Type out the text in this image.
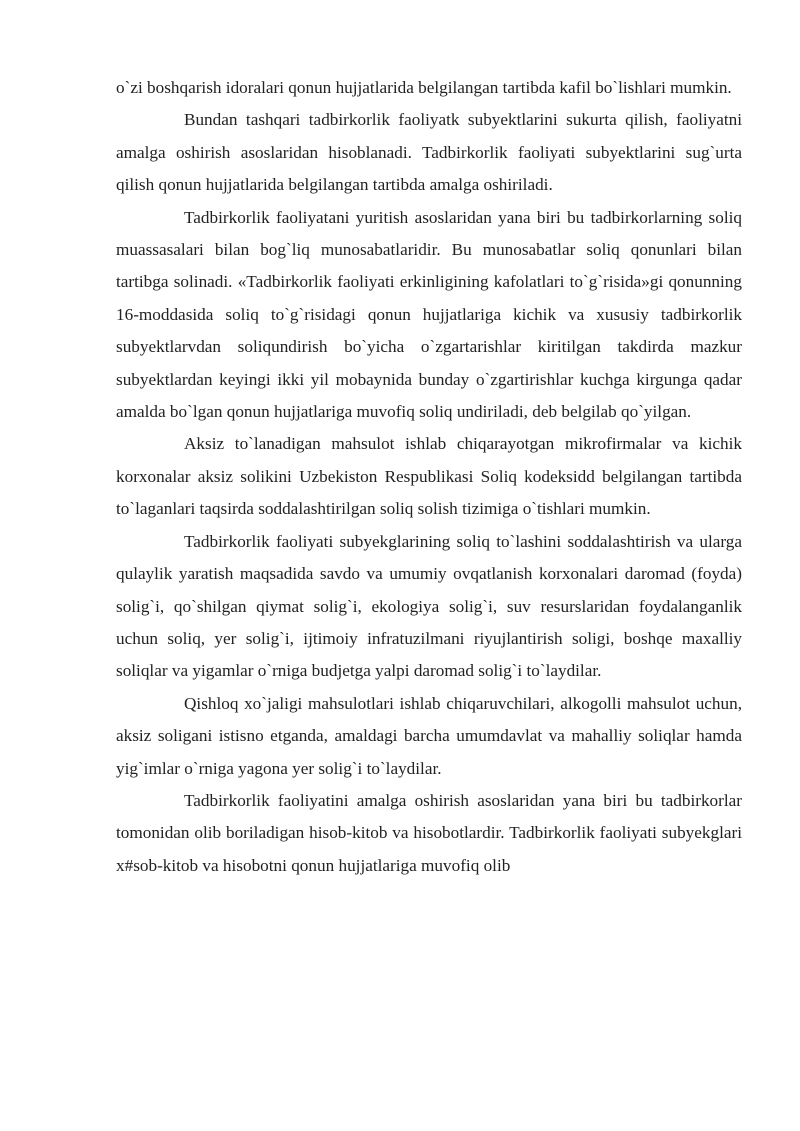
o`zi boshqarish idoralari qonun hujjatlarida belgilangan tartibda kafil bo`lishlari mumkin.

Bundan tashqari tadbirkorlik faoliyatk subyektlarini sukurta qilish, faoliyatni amalga oshirish asoslaridan hisoblanadi. Tadbirkorlik faoliyati subyektlarini sug`urta qilish qonun hujjatlarida belgilangan tartibda amalga oshiriladi.

Tadbirkorlik faoliyatani yuritish asoslaridan yana biri bu tadbirkorlarning soliq muassasalari bilan bog`liq munosabatlaridir. Bu munosabatlar soliq qonunlari bilan tartibga solinadi. «Tadbirkorlik faoliyati erkinligining kafolatlari to`g`risida»gi qonunning 16-moddasida soliq to`g`risidagi qonun hujjatlariga kichik va xususiy tadbirkorlik subyektlarvdan soliqundirish bo`yicha o`zgartarishlar kiritilgan takdirda mazkur subyektlardan keyingi ikki yil mobaynida bunday o`zgartirishlar kuchga kirgunga qadar amalda bo`lgan qonun hujjatlariga muvofiq soliq undiriladi, deb belgilab qo`yilgan.

Aksiz to`lanadigan mahsulot ishlab chiqarayotgan mikrofirmalar va kichik korxonalar aksiz solikini Uzbekiston Respublikasi Soliq kodeksidd belgilangan tartibda to`laganlari taqsirda soddalashtirilgan soliq solish tizimiga o`tishlari mumkin.

Tadbirkorlik faoliyati subyekglarining soliq to`lashini soddalashtirish va ularga qulaylik yaratish maqsadida savdo va umumiy ovqatlanish korxonalari daromad (foyda) solig`i, qo`shilgan qiymat solig`i, ekologiya solig`i, suv resurslaridan foydalanganlik uchun soliq, yer solig`i, ijtimoiy infratuzilmani riyujlantirish soligi, boshqe maxalliy soliqlar va yigamlar o`rniga budjetga yalpi daromad solig`i to`laydilar.

Qishloq xo`jaligi mahsulotlari ishlab chiqaruvchilari, alkogolli mahsulot uchun, aksiz soligani istisno etganda, amaldagi barcha umumdavlat va mahalliy soliqlar hamda yig`imlar o`rniga yagona yer solig`i to`laydilar.

Tadbirkorlik faoliyatini amalga oshirish asoslaridan yana biri bu tadbirkorlar tomonidan olib boriladigan hisob-kitob va hisobotlardir. Tadbirkorlik faoliyati subyekglari x#sob-kitob va hisobotni qonun hujjatlariga muvofiq olib
